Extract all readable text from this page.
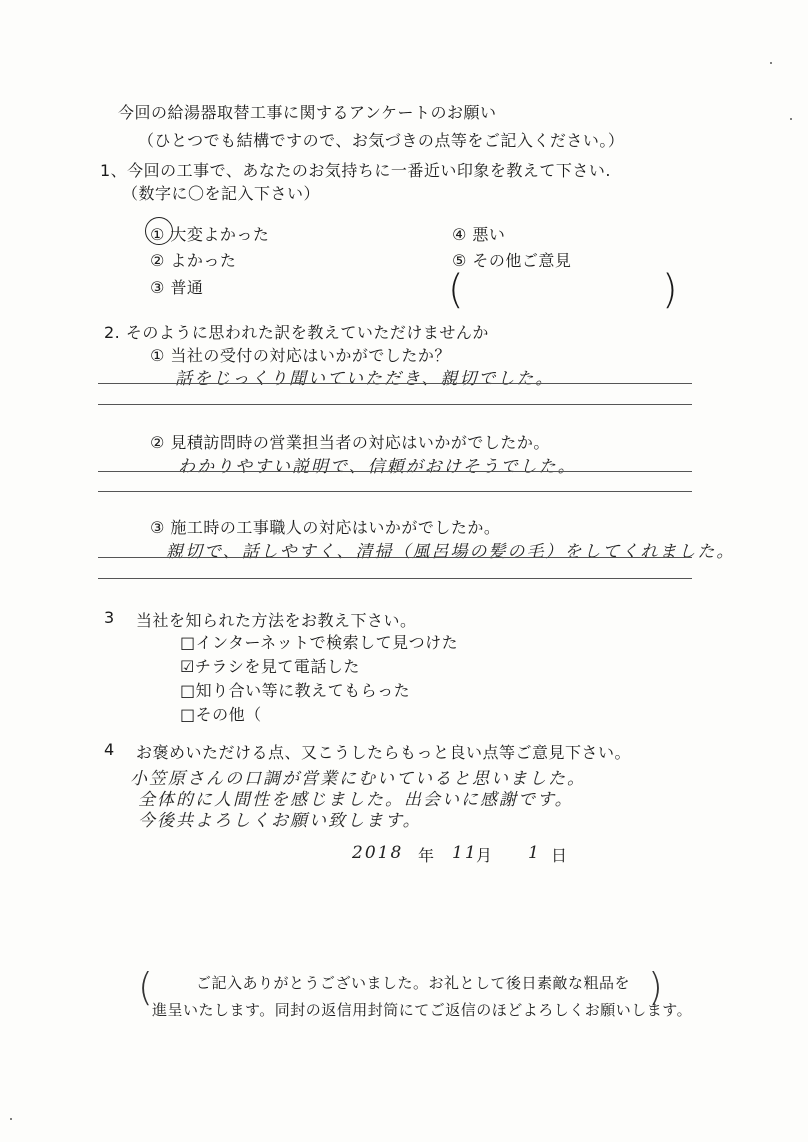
今回の給湯器取替工事に関するアンケートのお願い
（ひとつでも結構ですので、お気づきの点等をご記入ください。）
1、今回の工事で、あなたのお気持ちに一番近い印象を教えて下さい.
（数字に〇を記入下さい）
① 大変よかった
② よかった
③ 普通
④ 悪い
⑤ その他ご意見
(	)
2. そのように思われた訳を教えていただけませんか
① 当社の受付の対応はいかがでしたか？
話をじっくり聞いていただき、親切でした。
② 見積訪問時の営業担当者の対応はいかがでしたか。
わかりやすい説明で、信頼がおけそうでした。
③ 施工時の工事職人の対応はいかがでしたか。
親切で、話しやすく、清掃（風呂場の髪の毛）をしてくれました。
3 当社を知られた方法をお教え下さい。
□インターネットで検索して見つけた
☑チラシを見て電話した
□知り合い等に教えてもらった
□その他（
4 お褒めいただける点、又こうしたらもっと良い点等ご意見下さい。
小笠原さんの口調が営業にむいていると思いました。
全体的に人間性を感じました。出会いに感謝です。
今後共よろしくお願い致します。
2018 年 11
月 1 日
(	)
ご記入ありがとうございました。お礼として後日素敵な粗品を
進呈いたします。同封の返信用封筒にてご返信のほどよろしくお願いします。
